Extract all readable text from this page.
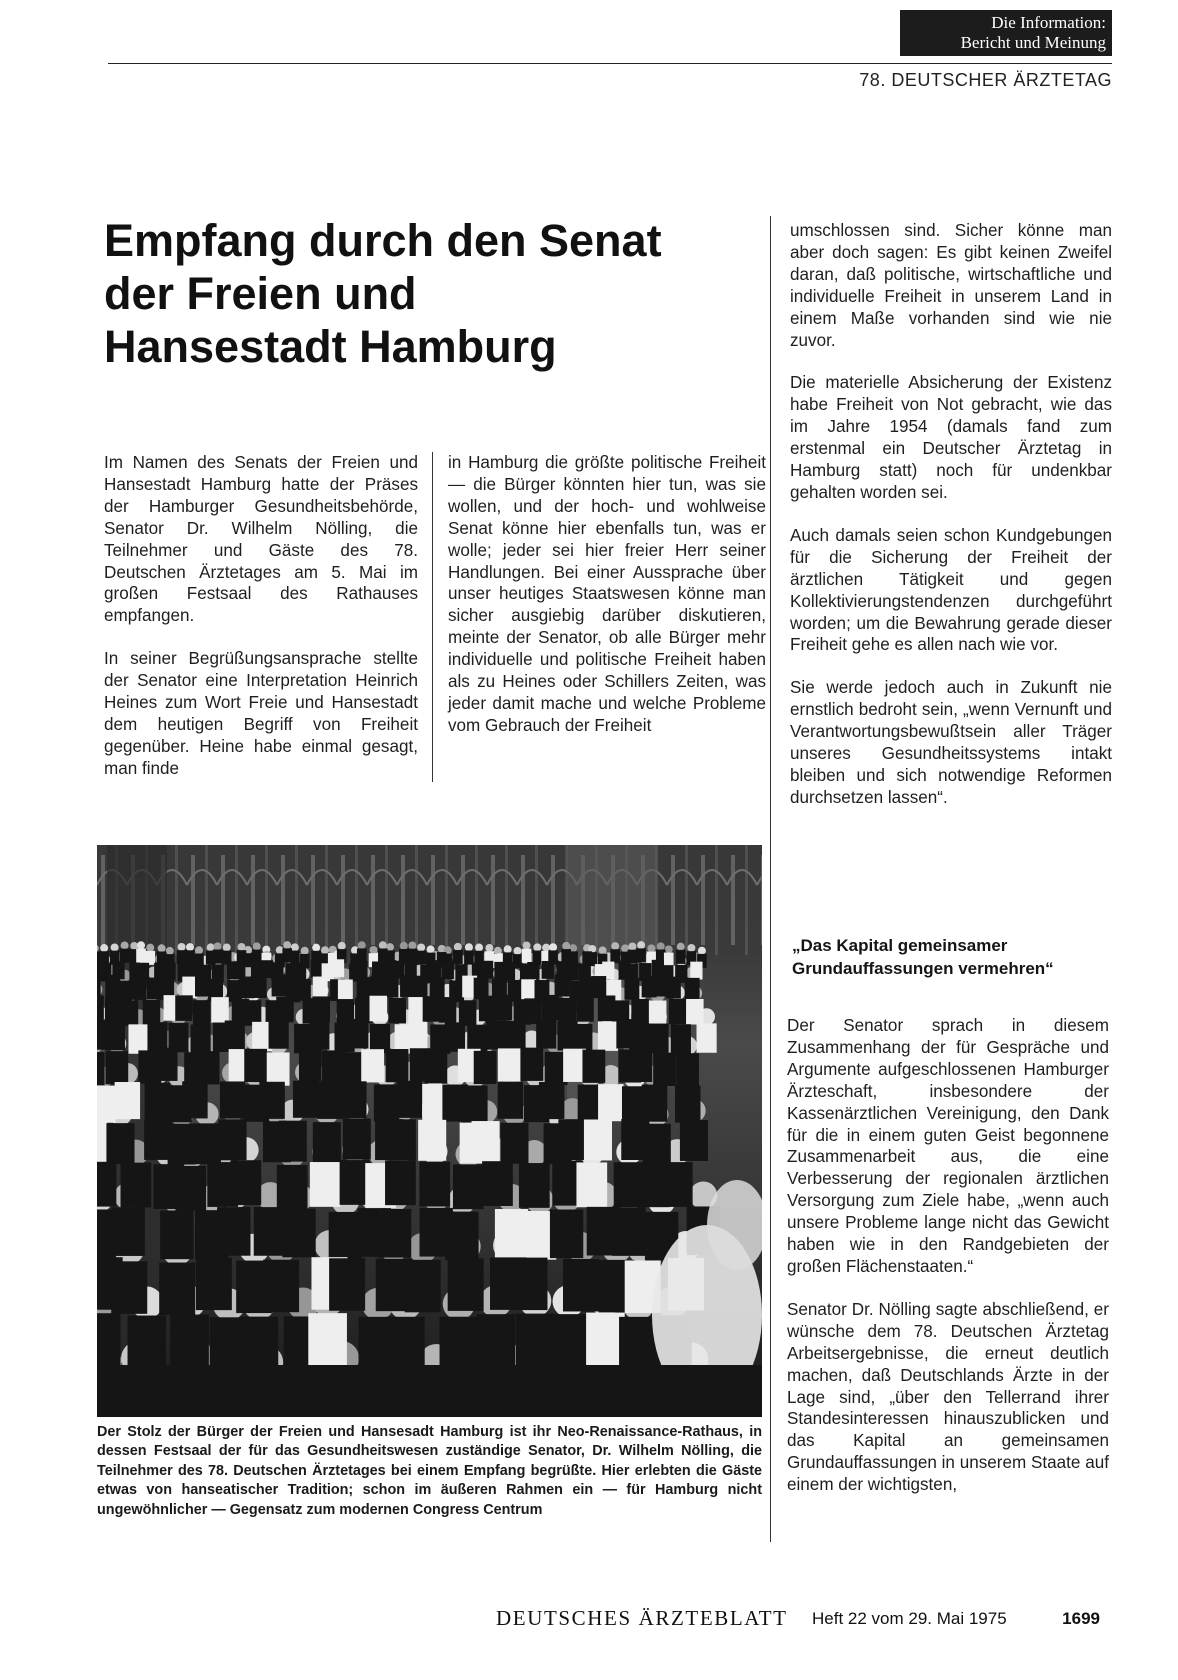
Die Information:
Bericht und Meinung
78. DEUTSCHER ÄRZTETAG
Empfang durch den Senat
der Freien und
Hansestadt Hamburg

Im Namen des Senats der Freien und Hansestadt Hamburg hatte der Präses der Hamburger Gesundheitsbehörde, Senator Dr. Wilhelm Nölling, die Teilnehmer und Gäste des 78. Deutschen Ärztetages am 5. Mai im großen Festsaal des Rathauses empfangen.

In seiner Begrüßungsansprache stellte der Senator eine Interpretation Heinrich Heines zum Wort Freie und Hansestadt dem heutigen Begriff von Freiheit gegenüber. Heine habe einmal gesagt, man finde

in Hamburg die größte politische Freiheit — die Bürger könnten hier tun, was sie wollen, und der hoch- und wohlweise Senat könne hier ebenfalls tun, was er wolle; jeder sei hier freier Herr seiner Handlungen. Bei einer Aussprache über unser heutiges Staatswesen könne man sicher ausgiebig darüber diskutieren, meinte der Senator, ob alle Bürger mehr individuelle und politische Freiheit haben als zu Heines oder Schillers Zeiten, was jeder damit mache und welche Probleme vom Gebrauch der Freiheit

umschlossen sind. Sicher könne man aber doch sagen: Es gibt keinen Zweifel daran, daß politische, wirtschaftliche und individuelle Freiheit in unserem Land in einem Maße vorhanden sind wie nie zuvor.

Die materielle Absicherung der Existenz habe Freiheit von Not gebracht, wie das im Jahre 1954 (damals fand zum erstenmal ein Deutscher Ärztetag in Hamburg statt) noch für undenkbar gehalten worden sei.

Auch damals seien schon Kundgebungen für die Sicherung der Freiheit der ärztlichen Tätigkeit und gegen Kollektivierungstendenzen durchgeführt worden; um die Bewahrung gerade dieser Freiheit gehe es allen nach wie vor.

Sie werde jedoch auch in Zukunft nie ernstlich bedroht sein, „wenn Vernunft und Verantwortungsbewußtsein aller Träger unseres Gesundheitssystems intakt bleiben und sich notwendige Reformen durchsetzen lassen“.

„Das Kapital gemeinsamer Grundauffassungen vermehren“

Der Senator sprach in diesem Zusammenhang der für Gespräche und Argumente aufgeschlossenen Hamburger Ärzteschaft, insbesondere der Kassenärztlichen Vereinigung, den Dank für die in einem guten Geist begonnene Zusammenarbeit aus, die eine Verbesserung der regionalen ärztlichen Versorgung zum Ziele habe, „wenn auch unsere Probleme lange nicht das Gewicht haben wie in den Randgebieten der großen Flächenstaaten.“

Senator Dr. Nölling sagte abschließend, er wünsche dem 78. Deutschen Ärztetag Arbeitsergebnisse, die erneut deutlich machen, daß Deutschlands Ärzte in der Lage sind, „über den Tellerrand ihrer Standesinteressen hinauszublicken und das Kapital an gemeinsamen Grundauffassungen in unserem Staate auf einem der wichtigsten,

Der Stolz der Bürger der Freien und Hansesadt Hamburg ist ihr Neo-Renaissance-Rathaus, in dessen Festsaal der für das Gesundheitswesen zuständige Senator, Dr. Wilhelm Nölling, die Teilnehmer des 78. Deutschen Ärztetages bei einem Empfang begrüßte. Hier erlebten die Gäste etwas von hanseatischer Tradition; schon im äußeren Rahmen ein — für Hamburg nicht ungewöhnlicher — Gegensatz zum modernen Congress Centrum
DEUTSCHES ÄRZTEBLATT Heft 22 vom 29. Mai 1975	1699
